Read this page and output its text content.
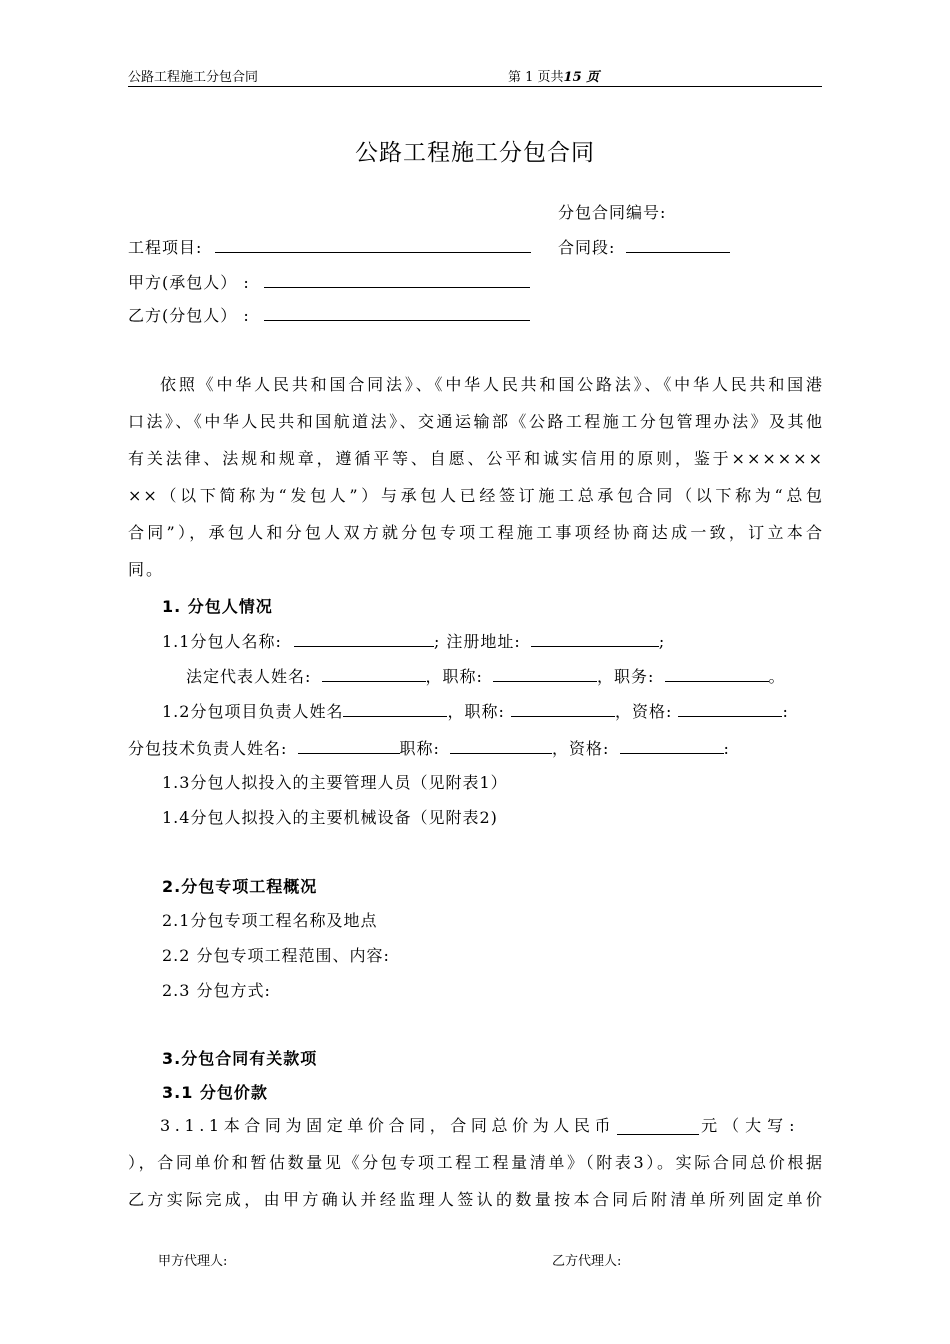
公路工程施工分包合同	第 1 页共15 页
公路工程施工分包合同
分包合同编号:
工程项目:	合同段:
甲方(承包人） :
乙方(分包人） :
依照《中华人民共和国合同法》、《中华人民共和国公路法》、《中华人民共和国港
口法》、《中华人民共和国航道法》、交通运输部《公路工程施工分包管理办法》及其他
有关法律、法规和规章，遵循平等、自愿、公平和诚实信用的原则，鉴于××××××
××（以下简称为“发包人”）与承包人已经签订施工总承包合同（以下称为“总包
合同”），承包人和分包人双方就分包专项工程施工事项经协商达成一致，订立本合
同。
1. 分包人情况
1.1分包人名称:	; 注册地址:	;
法定代表人姓名:	，职称:	，职务:	。
1.2分包项目负责人姓名	，职称:	，资格:	:
分包技术负责人姓名:	职称:	，资格:	:
1.3分包人拟投入的主要管理人员（见附表1）
1.4分包人拟投入的主要机械设备（见附表2)
2.分包专项工程概况
2.1分包专项工程名称及地点
2.2 分包专项工程范围、内容:
2.3 分包方式:
3.分包合同有关款项
3.1 分包价款
3.1.1本合同为固定单价合同，合同总价为人民币	元（大写:
），合同单价和暂估数量见《分包专项工程工程量清单》（附表3）。实际合同总价根据
乙方实际完成，由甲方确认并经监理人签认的数量按本合同后附清单所列固定单价
甲方代理人:	乙方代理人:
